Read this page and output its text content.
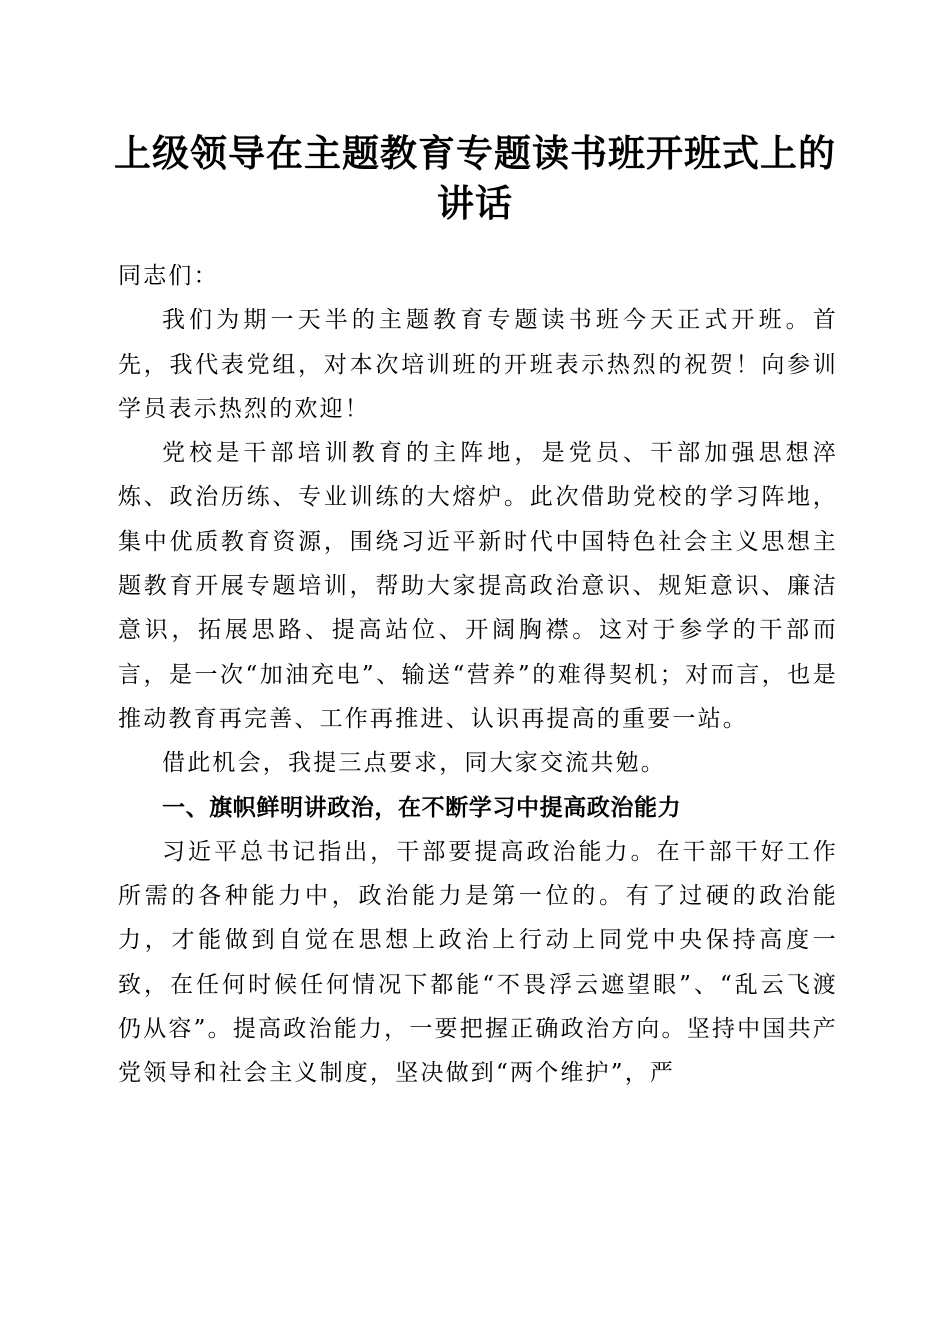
上级领导在主题教育专题读书班开班式上的讲话

同志们：

我们为期一天半的主题教育专题读书班今天正式开班。首先，我代表党组，对本次培训班的开班表示热烈的祝贺！向参训学员表示热烈的欢迎！

党校是干部培训教育的主阵地，是党员、干部加强思想淬炼、政治历练、专业训练的大熔炉。此次借助党校的学习阵地，集中优质教育资源，围绕习近平新时代中国特色社会主义思想主题教育开展专题培训，帮助大家提高政治意识、规矩意识、廉洁意识，拓展思路、提高站位、开阔胸襟。这对于参学的干部而言，是一次“加油充电”、输送“营养”的难得契机；对而言，也是推动教育再完善、工作再推进、认识再提高的重要一站。

借此机会，我提三点要求，同大家交流共勉。

一、旗帜鲜明讲政治，在不断学习中提高政治能力

习近平总书记指出，干部要提高政治能力。在干部干好工作所需的各种能力中，政治能力是第一位的。有了过硬的政治能力，才能做到自觉在思想上政治上行动上同党中央保持高度一致，在任何时候任何情况下都能“不畏浮云遮望眼”、“乱云飞渡仍从容”。提高政治能力，一要把握正确政治方向。坚持中国共产党领导和社会主义制度，坚决做到“两个维护”，严
